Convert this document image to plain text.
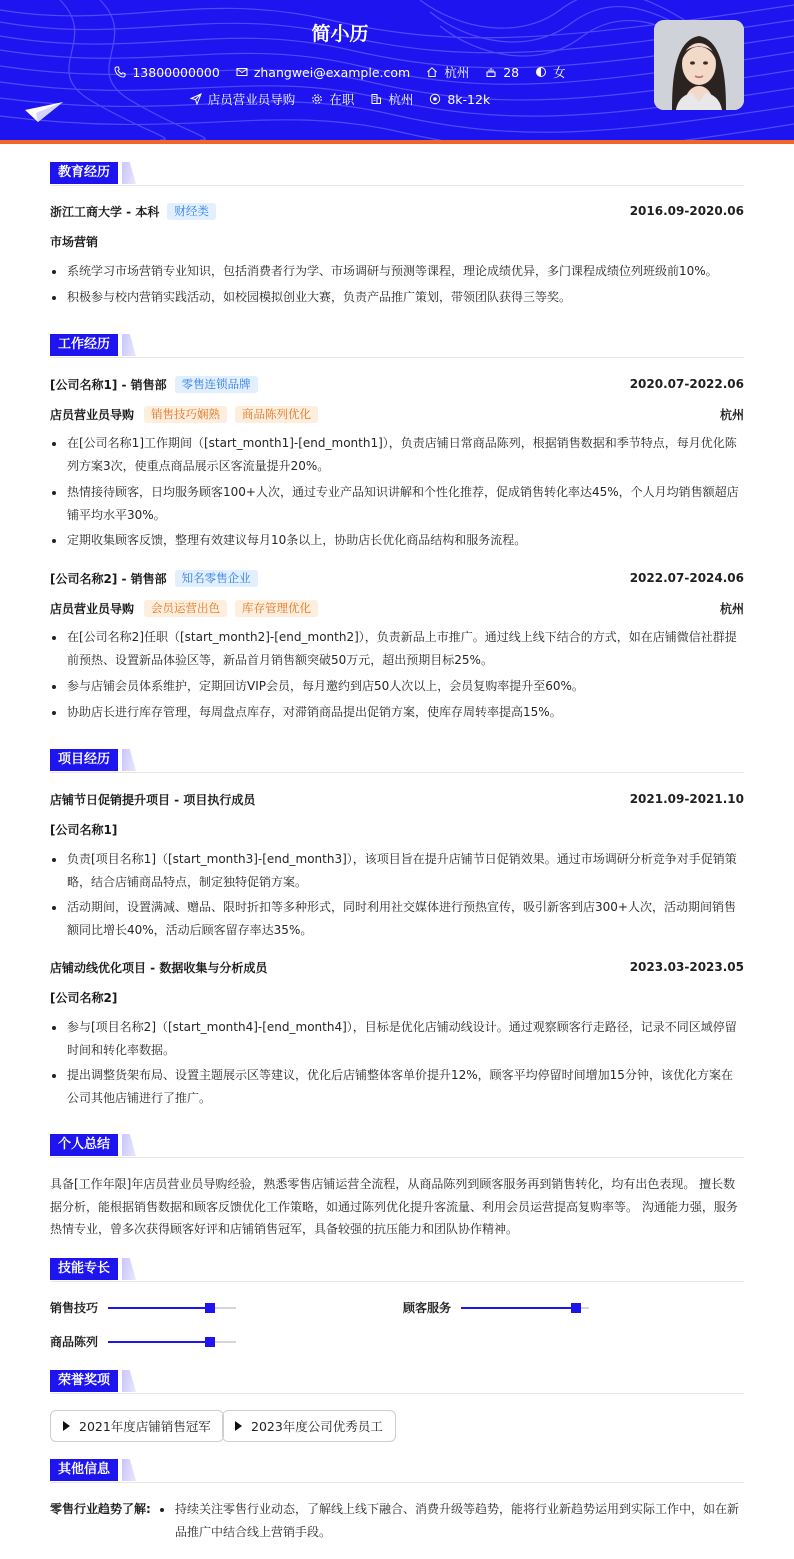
简小历
13800000000	zhangwei@example.com	杭州	28	女
店员营业员导购	在职	杭州	8k-12k
教育经历
浙江工商大学 - 本科	财经类	2016.09-2020.06
市场营销
系统学习市场营销专业知识，包括消费者行为学、市场调研与预测等课程，理论成绩优异，多门课程成绩位列班级前10%。
积极参与校内营销实践活动，如校园模拟创业大赛，负责产品推广策划，带领团队获得三等奖。
工作经历
[公司名称1] - 销售部	零售连锁品牌	2020.07-2022.06
店员营业员导购	销售技巧娴熟	商品陈列优化	杭州
在[公司名称1]工作期间（[start_month1]-[end_month1]），负责店铺日常商品陈列，根据销售数据和季节特点，每月优化陈列方案3次，使重点商品展示区客流量提升20%。
热情接待顾客，日均服务顾客100+人次，通过专业产品知识讲解和个性化推荐，促成销售转化率达45%，个人月均销售额超店铺平均水平30%。
定期收集顾客反馈，整理有效建议每月10条以上，协助店长优化商品结构和服务流程。
[公司名称2] - 销售部	知名零售企业	2022.07-2024.06
店员营业员导购	会员运营出色	库存管理优化	杭州
在[公司名称2]任职（[start_month2]-[end_month2]），负责新品上市推广。通过线上线下结合的方式，如在店铺微信社群提前预热、设置新品体验区等，新品首月销售额突破50万元，超出预期目标25%。
参与店铺会员体系维护，定期回访VIP会员，每月邀约到店50人次以上，会员复购率提升至60%。
协助店长进行库存管理，每周盘点库存，对滞销商品提出促销方案，使库存周转率提高15%。
项目经历
店铺节日促销提升项目 - 项目执行成员	2021.09-2021.10
[公司名称1]
负责[项目名称1]（[start_month3]-[end_month3]），该项目旨在提升店铺节日促销效果。通过市场调研分析竞争对手促销策略，结合店铺商品特点，制定独特促销方案。
活动期间，设置满减、赠品、限时折扣等多种形式，同时利用社交媒体进行预热宣传，吸引新客到店300+人次，活动期间销售额同比增长40%，活动后顾客留存率达35%。
店铺动线优化项目 - 数据收集与分析成员	2023.03-2023.05
[公司名称2]
参与[项目名称2]（[start_month4]-[end_month4]），目标是优化店铺动线设计。通过观察顾客行走路径，记录不同区域停留时间和转化率数据。
提出调整货架布局、设置主题展示区等建议，优化后店铺整体客单价提升12%，顾客平均停留时间增加15分钟，该优化方案在公司其他店铺进行了推广。
个人总结
具备[工作年限]年店员营业员导购经验，熟悉零售店铺运营全流程，从商品陈列到顾客服务再到销售转化，均有出色表现。 擅长数据分析，能根据销售数据和顾客反馈优化工作策略，如通过陈列优化提升客流量、利用会员运营提高复购率等。 沟通能力强，服务热情专业，曾多次获得顾客好评和店铺销售冠军，具备较强的抗压能力和团队协作精神。
技能专长
销售技巧	顾客服务
商品陈列
荣誉奖项
2021年度店铺销售冠军	2023年度公司优秀员工
其他信息
零售行业趋势了解:	持续关注零售行业动态，了解线上线下融合、消费升级等趋势，能将行业新趋势运用到实际工作中，如在新品推广中结合线上营销手段。
